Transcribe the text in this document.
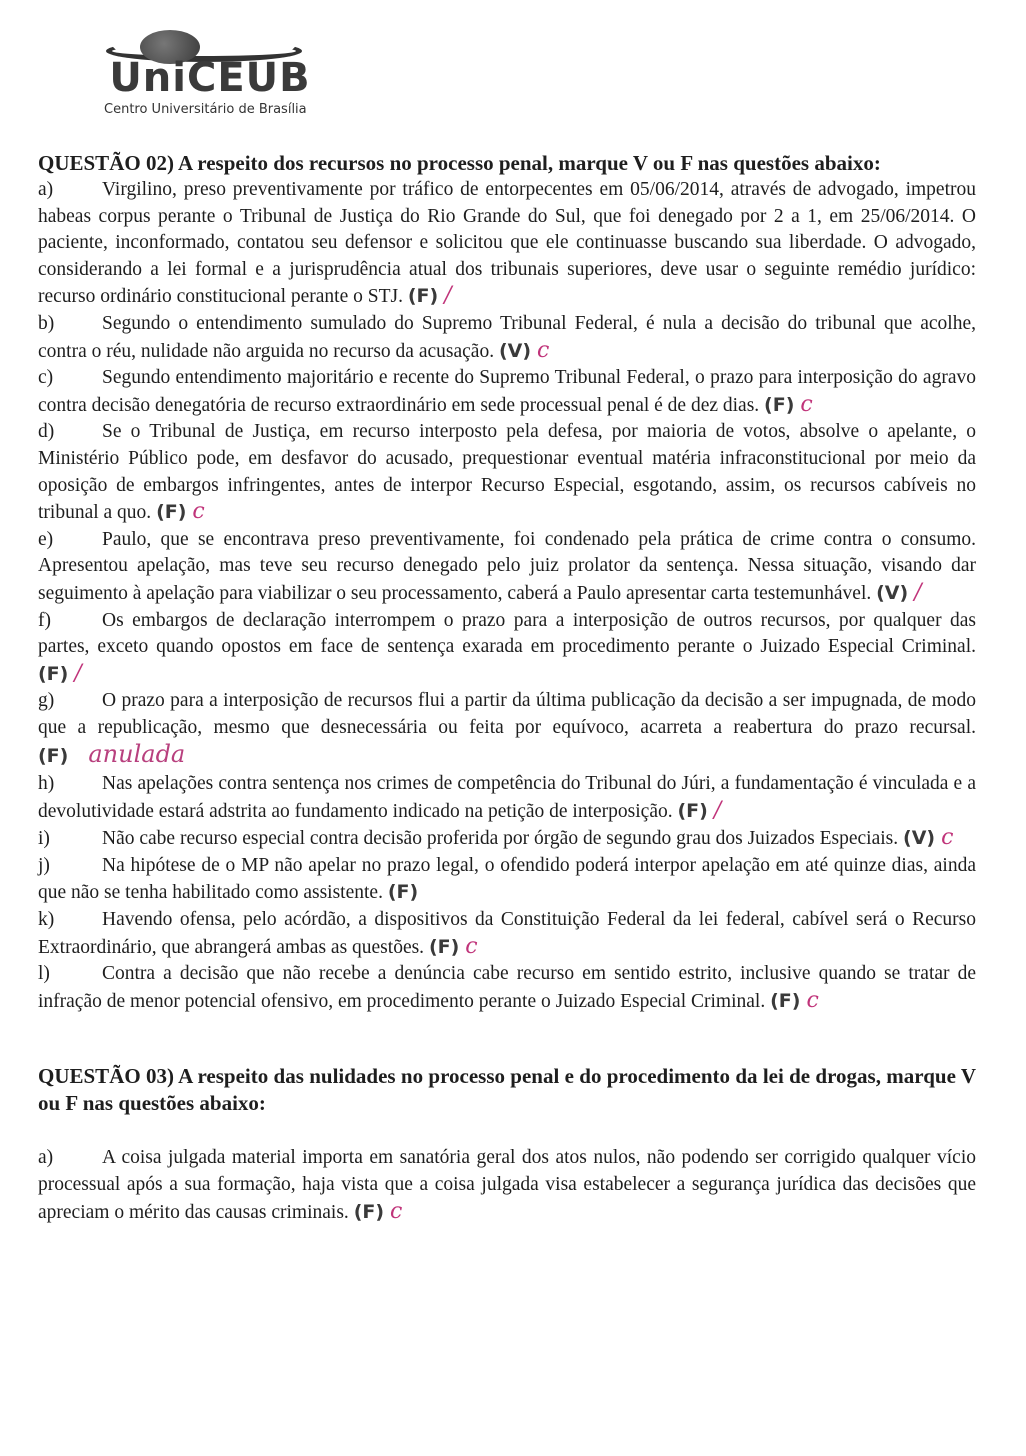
UniCEUB
Centro Universitário de Brasília

QUESTÃO 02) A respeito dos recursos no processo penal, marque V ou F nas questões abaixo:

a)	Virgilino, preso preventivamente por tráfico de entorpecentes em 05/06/2014, através de advogado, impetrou habeas corpus perante o Tribunal de Justiça do Rio Grande do Sul, que foi denegado por 2 a 1, em 25/06/2014. O paciente, inconformado, contatou seu defensor e solicitou que ele continuasse buscando sua liberdade. O advogado, considerando a lei formal e a jurisprudência atual dos tribunais superiores, deve usar o seguinte remédio jurídico: recurso ordinário constitucional perante o STJ. (F) /

b) Segundo o entendimento sumulado do Supremo Tribunal Federal, é nula a decisão do tribunal que acolhe, contra o réu, nulidade não arguida no recurso da acusação. (V) c

c)	Segundo entendimento majoritário e recente do Supremo Tribunal Federal, o prazo para interposição do agravo contra decisão denegatória de recurso extraordinário em sede processual penal é de dez dias. (F) c

d) Se o Tribunal de Justiça, em recurso interposto pela defesa, por maioria de votos, absolve o apelante, o Ministério Público pode, em desfavor do acusado, prequestionar eventual matéria infraconstitucional por meio da oposição de embargos infringentes, antes de interpor Recurso Especial, esgotando, assim, os recursos cabíveis no tribunal a quo. (F) c

e)	Paulo, que se encontrava preso preventivamente, foi condenado pela prática de crime contra o consumo. Apresentou apelação, mas teve seu recurso denegado pelo juiz prolator da sentença. Nessa situação, visando dar seguimento à apelação para viabilizar o seu processamento, caberá a Paulo apresentar carta testemunhável. (V) /

f)	Os embargos de declaração interrompem o prazo para a interposição de outros recursos, por qualquer das partes, exceto quando opostos em face de sentença exarada em procedimento perante o Juizado Especial Criminal. (F) /

g) O prazo para a interposição de recursos flui a partir da última publicação da decisão a ser impugnada, de modo que a republicação, mesmo que desnecessária ou feita por equívoco, acarreta a reabertura do prazo recursal. (F) anulada

h) Nas apelações contra sentença nos crimes de competência do Tribunal do Júri, a fundamentação é vinculada e a devolutividade estará adstrita ao fundamento indicado na petição de interposição. (F) /

i)	Não cabe recurso especial contra decisão proferida por órgão de segundo grau dos Juizados Especiais. (V) c

j)	Na hipótese de o MP não apelar no prazo legal, o ofendido poderá interpor apelação em até quinze dias, ainda que não se tenha habilitado como assistente. (F)

k) Havendo ofensa, pelo acórdão, a dispositivos da Constituição Federal da lei federal, cabível será o Recurso Extraordinário, que abrangerá ambas as questões. (F) c

l)	Contra a decisão que não recebe a denúncia cabe recurso em sentido estrito, inclusive quando se tratar de infração de menor potencial ofensivo, em procedimento perante o Juizado Especial Criminal. (F) c

QUESTÃO 03) A respeito das nulidades no processo penal e do procedimento da lei de drogas, marque V ou F nas questões abaixo:

a)	A coisa julgada material importa em sanatória geral dos atos nulos, não podendo ser corrigido qualquer vício processual após a sua formação, haja vista que a coisa julgada visa estabelecer a segurança jurídica das decisões que apreciam o mérito das causas criminais. (F) c
